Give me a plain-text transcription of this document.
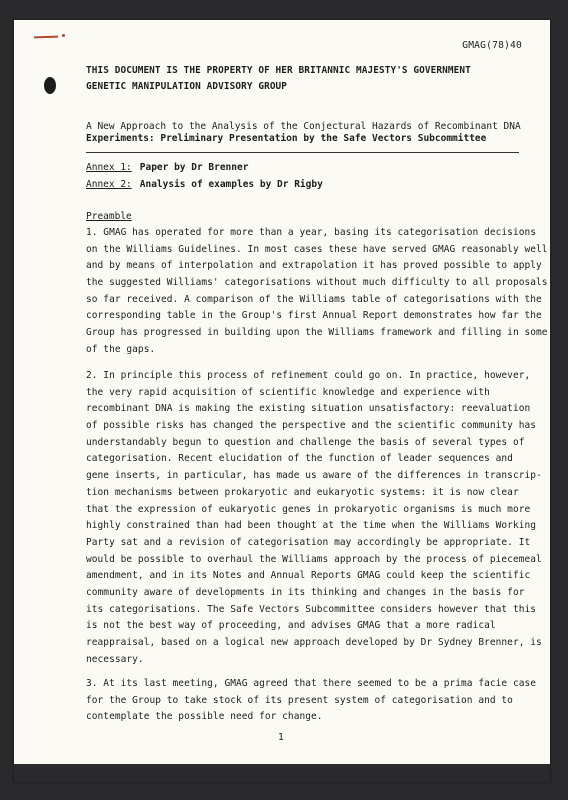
GMAG(78)40
THIS DOCUMENT IS THE PROPERTY OF HER BRITANNIC MAJESTY'S GOVERNMENT
GENETIC MANIPULATION ADVISORY GROUP
A New Approach to the Analysis of the Conjectural Hazards of Recombinant DNA
Experiments: Preliminary Presentation by the Safe Vectors Subcommittee
Annex 1: Paper by Dr Brenner
Annex 2: Analysis of examples by Dr Rigby
Preamble
1. GMAG has operated for more than a year, basing its categorisation decisions
on the Williams Guidelines. In most cases these have served GMAG reasonably well
and by means of interpolation and extrapolation it has proved possible to apply
the suggested Williams' categorisations without much difficulty to all proposals
so far received. A comparison of the Williams table of categorisations with the
corresponding table in the Group's first Annual Report demonstrates how far the
Group has progressed in building upon the Williams framework and filling in some
of the gaps.
2. In principle this process of refinement could go on. In practice, however,
the very rapid acquisition of scientific knowledge and experience with
recombinant DNA is making the existing situation unsatisfactory: reevaluation
of possible risks has changed the perspective and the scientific community has
understandably begun to question and challenge the basis of several types of
categorisation. Recent elucidation of the function of leader sequences and
gene inserts, in particular, has made us aware of the differences in transcrip-
tion mechanisms between prokaryotic and eukaryotic systems: it is now clear
that the expression of eukaryotic genes in prokaryotic organisms is much more
highly constrained than had been thought at the time when the Williams Working
Party sat and a revision of categorisation may accordingly be appropriate. It
would be possible to overhaul the Williams approach by the process of piecemeal
amendment, and in its Notes and Annual Reports GMAG could keep the scientific
community aware of developments in its thinking and changes in the basis for
its categorisations. The Safe Vectors Subcommittee considers however that this
is not the best way of proceeding, and advises GMAG that a more radical
reappraisal, based on a logical new approach developed by Dr Sydney Brenner, is
necessary.
3. At its last meeting, GMAG agreed that there seemed to be a prima facie case
for the Group to take stock of its present system of categorisation and to
contemplate the possible need for change.
1
